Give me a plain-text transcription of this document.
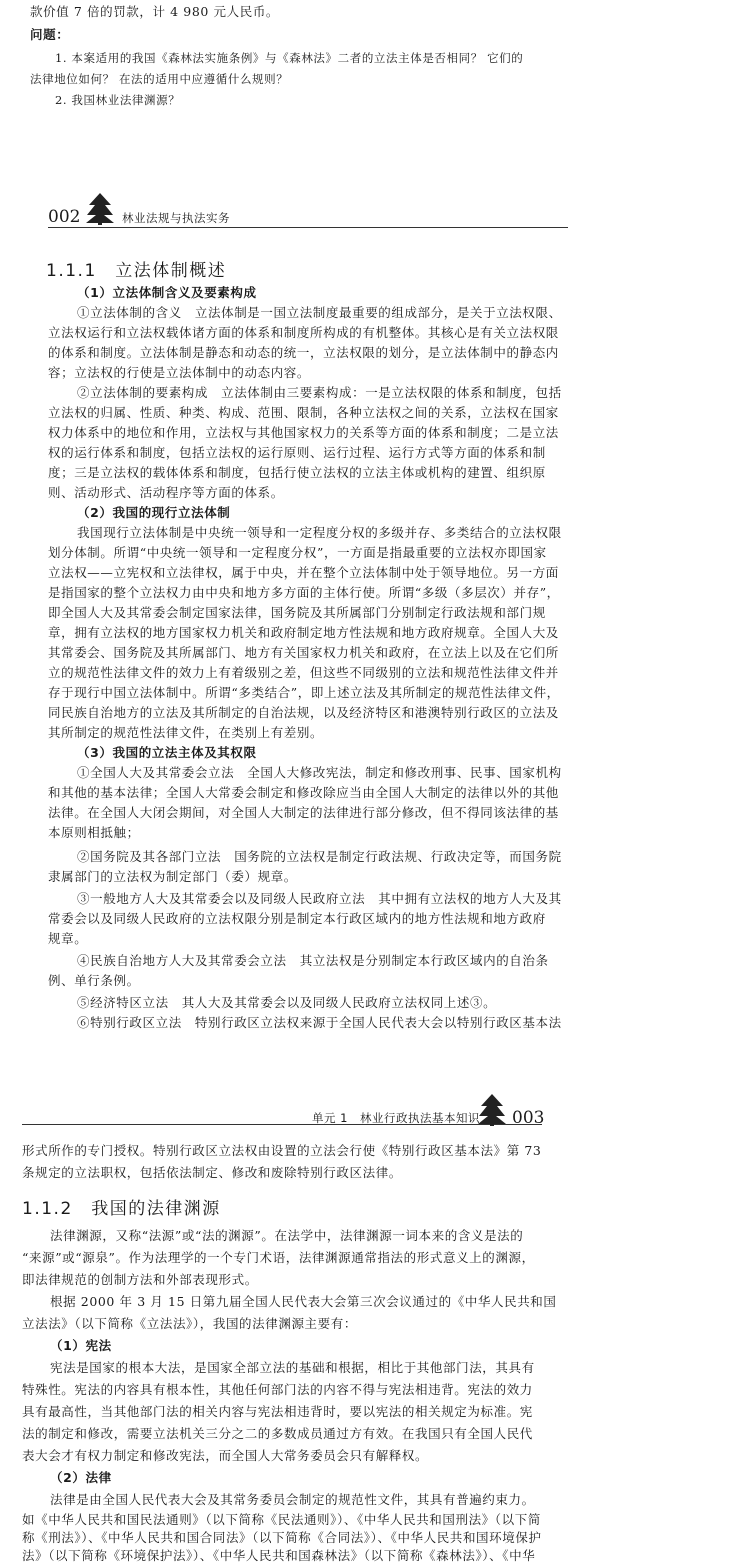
款价值 7 倍的罚款，计 4 980 元人民币。
问题：
1. 本案适用的我国《森林法实施条例》与《森林法》二者的立法主体是否相同？ 它们的
法律地位如何？ 在法的适用中应遵循什么规则？
2. 我国林业法律渊源？
002	林业法规与执法实务
1.1.1　立法体制概述
（1）立法体制含义及要素构成
①立法体制的含义　立法体制是一国立法制度最重要的组成部分，是关于立法权限、
立法权运行和立法权载体诸方面的体系和制度所构成的有机整体。其核心是有关立法权限
的体系和制度。立法体制是静态和动态的统一，立法权限的划分，是立法体制中的静态内
容；立法权的行使是立法体制中的动态内容。
②立法体制的要素构成　立法体制由三要素构成：一是立法权限的体系和制度，包括
立法权的归属、性质、种类、构成、范围、限制，各种立法权之间的关系，立法权在国家
权力体系中的地位和作用，立法权与其他国家权力的关系等方面的体系和制度；二是立法
权的运行体系和制度，包括立法权的运行原则、运行过程、运行方式等方面的体系和制
度；三是立法权的载体体系和制度，包括行使立法权的立法主体或机构的建置、组织原
则、活动形式、活动程序等方面的体系。
（2）我国的现行立法体制
我国现行立法体制是中央统一领导和一定程度分权的多级并存、多类结合的立法权限
划分体制。所谓“中央统一领导和一定程度分权”，一方面是指最重要的立法权亦即国家
立法权——立宪权和立法律权，属于中央，并在整个立法体制中处于领导地位。另一方面
是指国家的整个立法权力由中央和地方多方面的主体行使。所谓“多级（多层次）并存”，
即全国人大及其常委会制定国家法律，国务院及其所属部门分别制定行政法规和部门规
章，拥有立法权的地方国家权力机关和政府制定地方性法规和地方政府规章。全国人大及
其常委会、国务院及其所属部门、地方有关国家权力机关和政府，在立法上以及在它们所
立的规范性法律文件的效力上有着级别之差，但这些不同级别的立法和规范性法律文件并
存于现行中国立法体制中。所谓“多类结合”，即上述立法及其所制定的规范性法律文件，
同民族自治地方的立法及其所制定的自治法规，以及经济特区和港澳特别行政区的立法及
其所制定的规范性法律文件，在类别上有差别。
（3）我国的立法主体及其权限
①全国人大及其常委会立法　全国人大修改宪法，制定和修改刑事、民事、国家机构
和其他的基本法律；全国人大常委会制定和修改除应当由全国人大制定的法律以外的其他
法律。在全国人大闭会期间，对全国人大制定的法律进行部分修改，但不得同该法律的基
本原则相抵触；
②国务院及其各部门立法　国务院的立法权是制定行政法规、行政决定等，而国务院
隶属部门的立法权为制定部门（委）规章。
③一般地方人大及其常委会以及同级人民政府立法　其中拥有立法权的地方人大及其
常委会以及同级人民政府的立法权限分别是制定本行政区域内的地方性法规和地方政府
规章。
④民族自治地方人大及其常委会立法　其立法权是分别制定本行政区域内的自治条
例、单行条例。
⑤经济特区立法　其人大及其常委会以及同级人民政府立法权同上述③。
⑥特别行政区立法　特别行政区立法权来源于全国人民代表大会以特别行政区基本法
单元 1　林业行政执法基本知识 003
形式所作的专门授权。特别行政区立法权由设置的立法会行使《特别行政区基本法》第 73
条规定的立法职权，包括依法制定、修改和废除特别行政区法律。
1.1.2　我国的法律渊源
法律渊源，又称“法源”或“法的渊源”。在法学中，法律渊源一词本来的含义是法的
“来源”或“源泉”。作为法理学的一个专门术语，法律渊源通常指法的形式意义上的渊源，
即法律规范的创制方法和外部表现形式。
根据 2000 年 3 月 15 日第九届全国人民代表大会第三次会议通过的《中华人民共和国
立法法》（以下简称《立法法》），我国的法律渊源主要有：
（1）宪法
宪法是国家的根本大法，是国家全部立法的基础和根据，相比于其他部门法，其具有
特殊性。宪法的内容具有根本性，其他任何部门法的内容不得与宪法相违背。宪法的效力
具有最高性，当其他部门法的相关内容与宪法相违背时，要以宪法的相关规定为标准。宪
法的制定和修改，需要立法机关三分之二的多数成员通过方有效。在我国只有全国人民代
表大会才有权力制定和修改宪法，而全国人大常务委员会只有解释权。
（2）法律
法律是由全国人民代表大会及其常务委员会制定的规范性文件，其具有普遍约束力。
如《中华人民共和国民法通则》（以下简称《民法通则》）、《中华人民共和国刑法》（以下简
称《刑法》）、《中华人民共和国合同法》（以下简称《合同法》）、《中华人民共和国环境保护
法》（以下简称《环境保护法》）、《中华人民共和国森林法》（以下简称《森林法》）、《中华
